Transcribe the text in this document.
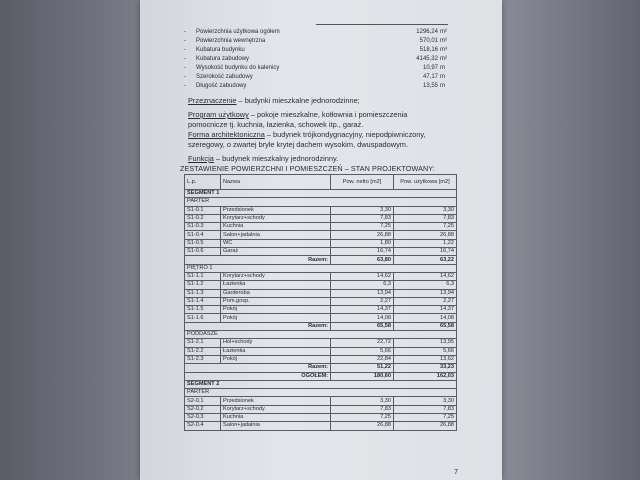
- Powierzchnia użytkowa ogółem	1296,24 m²
- Powierzchnia wewnętrzna	570,01 m²
- Kubatura budynku	518,16 m³
- Kubatura zabudowy	4145,32 m²
- Wysokość budynku do kalenicy	10,97 m
- Szerokość zabudowy	47,17 m
- Długość zabudowy	13,55 m
Przeznaczenie – budynki mieszkalne jednorodzinne;
Program użytkowy – pokoje mieszkalne, kotłownia i pomieszczenia
pomocnicze tj. kuchnia, łazienka, schowek itp., garaż.
Forma architektoniczna – budynek trójkondygnacyjny, niepodpiwniczony,
szeregowy, o zwartej bryle krytej dachem wysokim, dwuspadowym.
Funkcja – budynek mieszkalny jednorodzinny.
ZESTAWIENIE POWIERZCHNI I POMIESZCZEŃ – STAN PROJEKTOWANY:
L.p.	Nazwa	Pow. netto [m2]	Pow. użytkowa [m2]
SEGMENT 1			
PARTER			
S1-0.1	Przedsionek	3,30	3,30
S1-0.2	Korytarz+schody	7,83	7,83
S1-0.3	Kuchnia	7,25	7,25
S1-0.4	Salon+jadalnia	26,88	26,88
S1-0.5	WC	1,80	1,22
S1-0.6	Garaż	16,74	16,74
Razem:		63,80	63,22
PIĘTRO 1			
S1-1.1	Korytarz+schody	14,62	14,62
S1-1.2	Łazienka	6,3	6,3
S1-1.3	Garderoba	13,94	13,94
S1-1.4	Pom.gosp.	2,27	2,27
S1-1.5	Pokój	14,37	14,37
S1-1.6	Pokój	14,08	14,08
Razem:		65,58	65,58
PODDASZE			
S1-2.1	Hol+schody	22,72	13,95
S1-2.2	Łazienka	5,66	5,66
S1-2.3	Pokój	22,84	13,62
Razem:		51,22	33,23
OGÓŁEM:		180,60	162,03
SEGMENT 2			
PARTER			
S2-0.1	Przedsionek	3,30	3,30
S2-0.2	Korytarz+schody	7,83	7,83
S2-0.3	Kuchnia	7,25	7,25
S2-0.4	Salon+jadalnia	26,88	26,88
7
